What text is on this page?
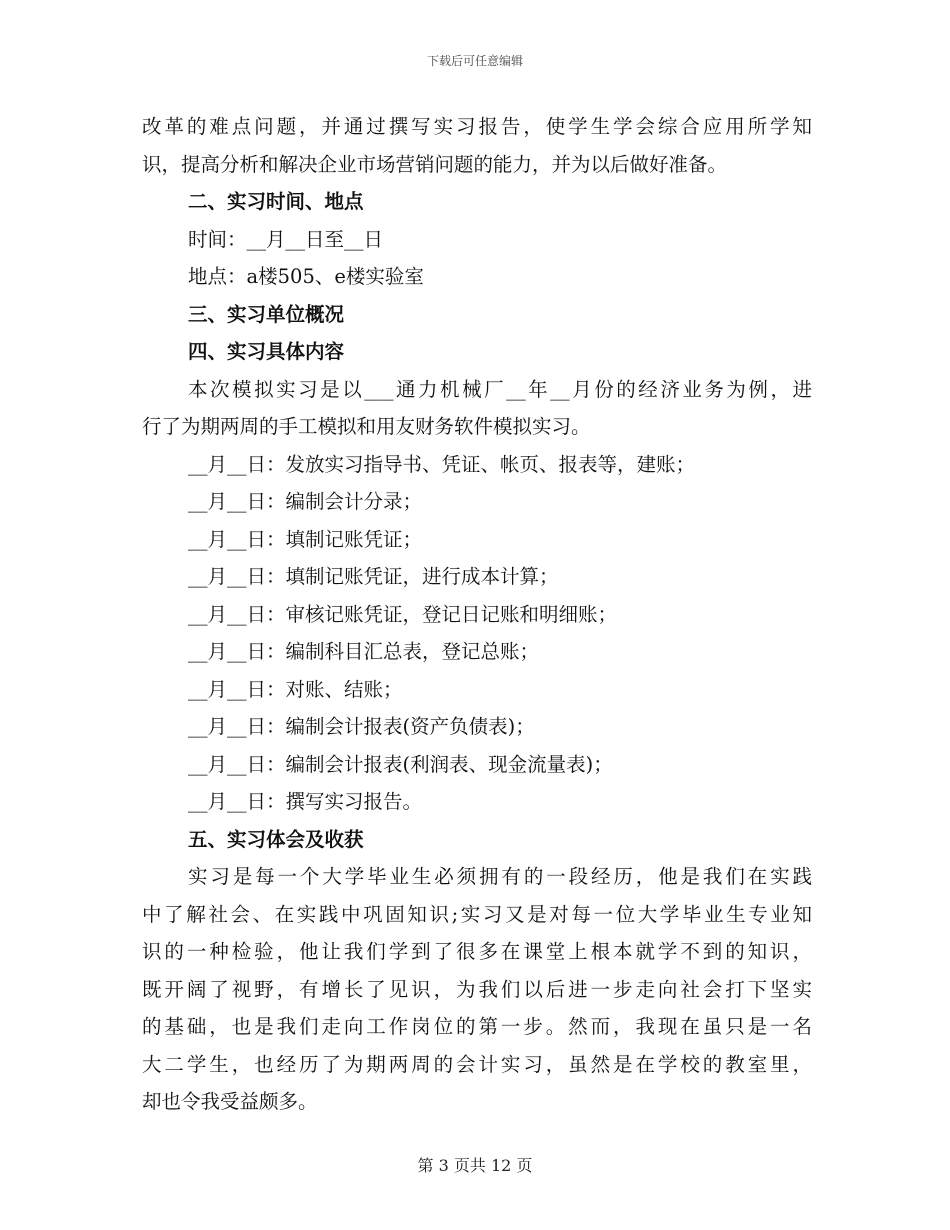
下载后可任意编辑
改革的难点问题，并通过撰写实习报告，使学生学会综合应用所学知
识，提高分析和解决企业市场营销问题的能力，并为以后做好准备。
二、实习时间、地点
时间：__月__日至__日
地点：a楼505、e楼实验室
三、实习单位概况
四、实习具体内容
本次模拟实习是以___通力机械厂__年__月份的经济业务为例，进
行了为期两周的手工模拟和用友财务软件模拟实习。
__月__日：发放实习指导书、凭证、帐页、报表等，建账；
__月__日：编制会计分录；
__月__日：填制记账凭证；
__月__日：填制记账凭证，进行成本计算；
__月__日：审核记账凭证，登记日记账和明细账；
__月__日：编制科目汇总表，登记总账；
__月__日：对账、结账；
__月__日：编制会计报表(资产负债表)；
__月__日：编制会计报表(利润表、现金流量表)；
__月__日：撰写实习报告。
五、实习体会及收获
实习是每一个大学毕业生必须拥有的一段经历，他是我们在实践
中了解社会、在实践中巩固知识;实习又是对每一位大学毕业生专业知
识的一种检验，他让我们学到了很多在课堂上根本就学不到的知识，
既开阔了视野，有增长了见识，为我们以后进一步走向社会打下坚实
的基础，也是我们走向工作岗位的第一步。然而，我现在虽只是一名
大二学生，也经历了为期两周的会计实习，虽然是在学校的教室里，
却也令我受益颇多。
第 3 页共 12 页
